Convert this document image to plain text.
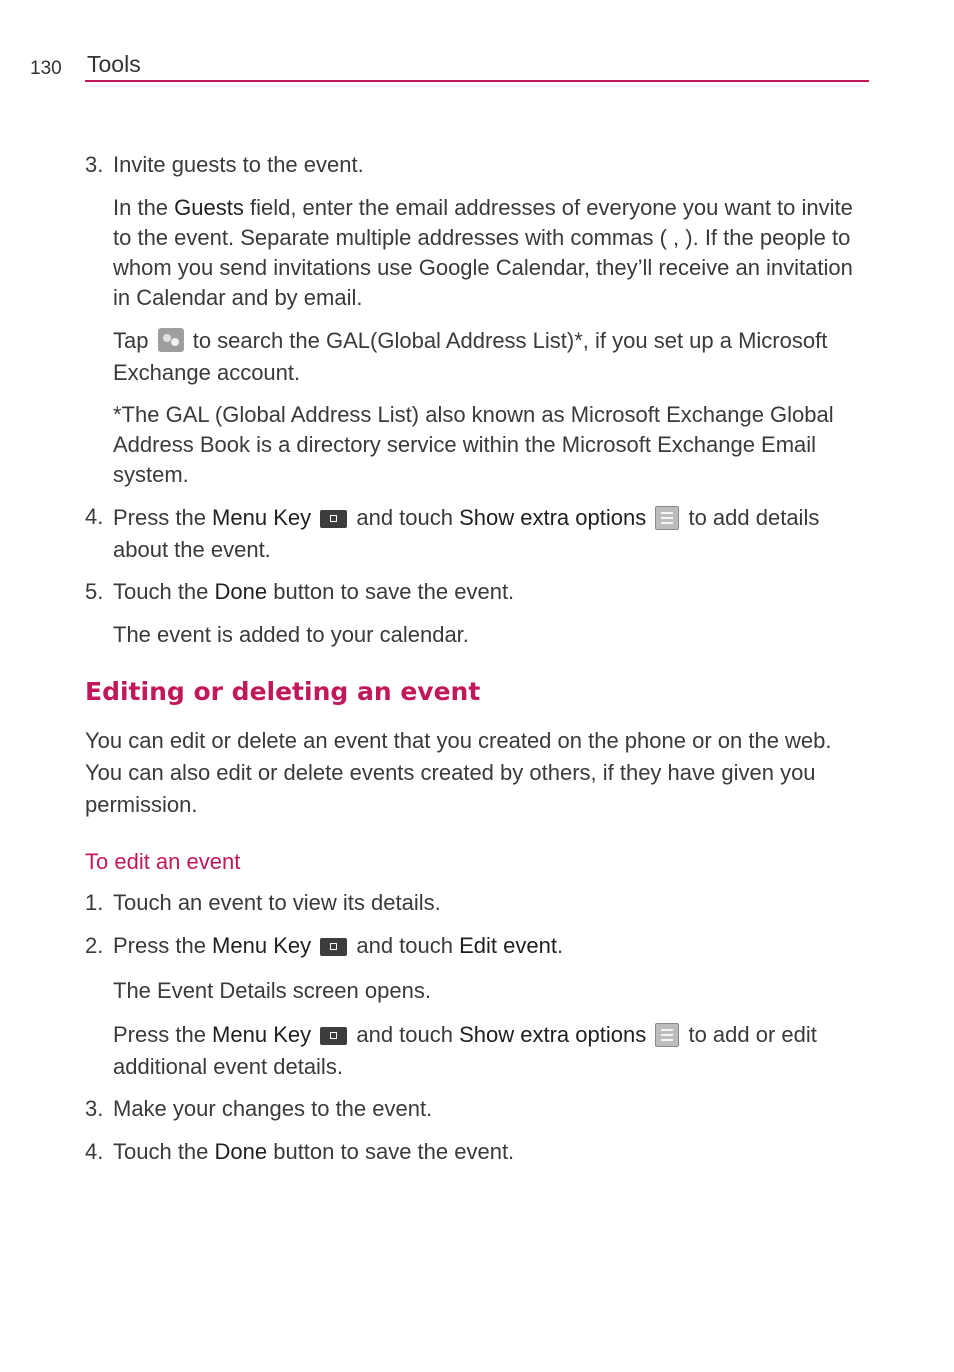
130 Tools
3. Invite guests to the event.
In the Guests field, enter the email addresses of everyone you want to invite to the event. Separate multiple addresses with commas ( , ). If the people to whom you send invitations use Google Calendar, they’ll receive an invitation in Calendar and by email.
Tap  to search the GAL(Global Address List)*, if you set up a Microsoft Exchange account.
*The GAL (Global Address List) also known as Microsoft Exchange Global Address Book is a directory service within the Microsoft Exchange Email system.
4. Press the Menu Key  and touch Show extra options
to add details about the event.
5. Touch the Done button to save the event.
The event is added to your calendar.
Editing or deleting an event
You can edit or delete an event that you created on the phone or on the web. You can also edit or delete events created by others, if they have given you permission.
To edit an event
1. Touch an event to view its details.
2. Press the Menu Key  and touch Edit event.
The Event Details screen opens.
Press the Menu Key  and touch Show extra options
to add or edit additional event details.
3. Make your changes to the event.
4. Touch the Done button to save the event.
